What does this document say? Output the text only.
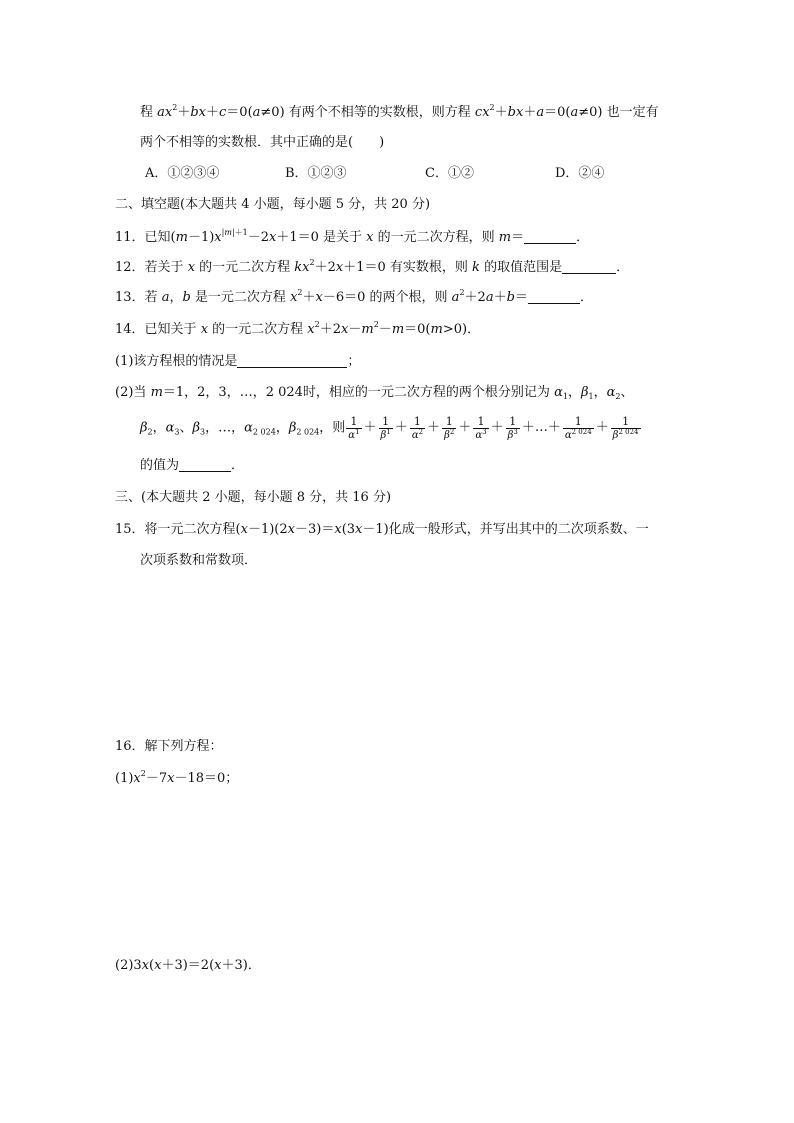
程 $ax^2+bx+c=0(a\ne 0)$ 有两个不相等的实数根，则方程 $cx^2+bx+a=0(a\ne 0)$ 也一定有
两个不相等的实数根．其中正确的是(　　)
A．①②③④	B．①②③	C．①②	D．②④
二、填空题(本大题共 4 小题，每小题 5 分，共 20 分)
11．已知$(m-1)x^{|m|+1}-2x+1=0$ 是关于 x 的一元二次方程，则 m＝	．
12．若关于 x 的一元二次方程 $kx^2+2x+1=0$ 有实数根，则 k 的取值范围是	．
13．若 a，b 是一元二次方程 $x^2+x-6=0$ 的两个根，则 $a^2+2a+b=$	．
14．已知关于 x 的一元二次方程 $x^2+2x-m^2-m=0(m>0)$．
(1)该方程根的情况是	；
(2)当 m＝1，2，3，…，2 024时，相应的一元二次方程的两个根分别记为 $\alpha_1$，$\beta_1$，$\alpha_2$、
$\beta_2$，$\alpha_3$、$\beta_3$，…，$\alpha_{2 024}$，$\beta_{2 024}$，则 $\frac{1}{\alpha^1} + \frac{1}{\beta^1} + \frac{1}{\alpha^2} + \frac{1}{\beta^2} + \frac{1}{\alpha^3} + \frac{1}{\beta^3}$ ＋…＋ $\frac{1}{\alpha^{2 024}} + \frac{1}{\beta^{2 024}}$
的值为	．
三、(本大题共 2 小题，每小题 8 分，共 16 分)
15．将一元二次方程(x－1)(2x－3)＝x(3x－1)化成一般形式，并写出其中的二次项系数、一
次项系数和常数项．
16．解下列方程：
$(1)x^2-7x-18=0$；
(2)3x(x＋3)＝2(x＋3)．
